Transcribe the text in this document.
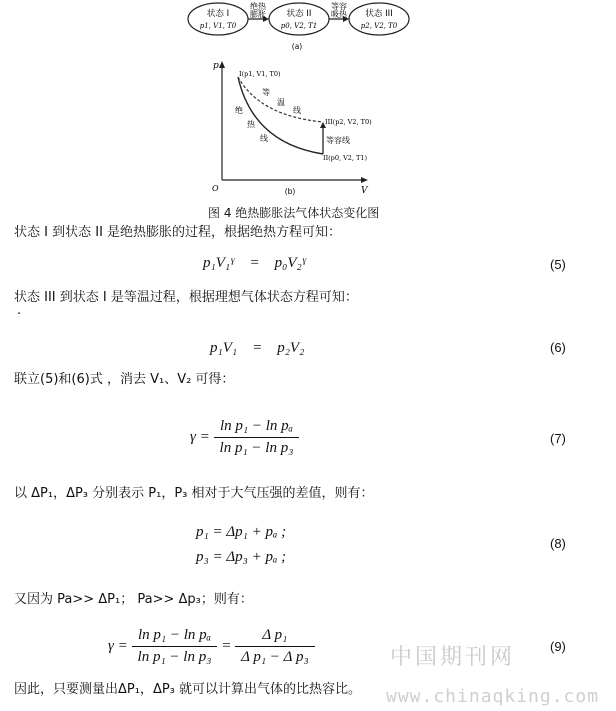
状态 I
p1, V1, T0
状态 II
p0, V2, T1
状态 III
p2, V2, T0
绝热
膨胀
等容
吸热
(a)
p
V
O
I(p1, V1, T0)
III(p2, V2, T0)
II(p0, V2, T1)
等
温
线
绝
热
线	等容线
(b)
图 4 绝热膨胀法气体状态变化图
状态 I 到状态 II 是绝热膨胀的过程，根据绝热方程可知：
p₁V₁ˠ = p₀V₂ˠ	(5)
状态 III 到状态 I 是等温过程，根据理想气体状态方程可知：
·
p₁V₁ = p₂V₂	(6)
联立(5)和(6)式 ，消去 V₁、V₂ 可得：
$\gamma = \frac{\text{ln p₁ − ln pₐ}}{\text{ln p₁ − ln p₃}}$	(7)
以 ΔP₁，ΔP₃ 分别表示 P₁，P₃ 相对于大气压强的差值，则有：
p₁ = Δp₁ + pₐ ;
p₃ = Δp₃ + pₐ ;
(8)
又因为 Pa>> ΔP₁； Pa>> Δp₃；则有：
$\gamma = \frac{\text{ln p₁ − ln pₐ}}{\text{ln p₁ − ln p₃}} = \frac{\text{Δ p₁}}{\text{Δ p₁ − Δ p₃}}$	(9)
因此，只要测量出ΔP₁，ΔP₃ 就可以计算出气体的比热容比。
中国期刊网
www.chinaqking.com
